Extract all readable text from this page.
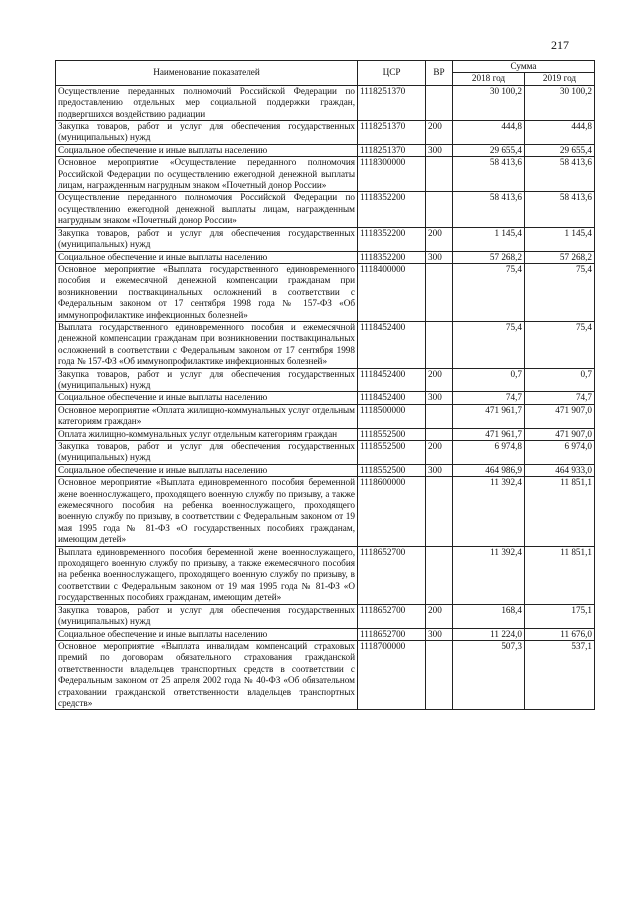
217
Наименование показателей	ЦСР	ВР	Сумма	
			2018 год	2019 год
Осуществление переданных полномочий Российской Федерации по предоставлению отдельных мер социальной поддержки граждан, подвергшихся воздействию радиации	1118251370		30 100,2	30 100,2
Закупка товаров, работ и услуг для обеспечения государственных (муниципальных) нужд	1118251370	200	444,8	444,8
Социальное обеспечение и иные выплаты населению	1118251370	300	29 655,4	29 655,4
Основное мероприятие «Осуществление переданного полномочия Российской Федерации по осуществлению ежегодной денежной выплаты лицам, награжденным нагрудным знаком «Почетный донор России»	1118300000		58 413,6	58 413,6
Осуществление переданного полномочия Российской Федерации по осуществлению ежегодной денежной выплаты лицам, награжденным нагрудным знаком «Почетный донор России»	1118352200		58 413,6	58 413,6
Закупка товаров, работ и услуг для обеспечения государственных (муниципальных) нужд	1118352200	200	1 145,4	1 145,4
Социальное обеспечение и иные выплаты населению	1118352200	300	57 268,2	57 268,2
Основное мероприятие «Выплата государственного единовременного пособия и ежемесячной денежной компенсации гражданам при возникновении поствакцинальных осложнений в соответствии с Федеральным законом от 17 сентября 1998 года № 157-ФЗ «Об иммунопрофилактике инфекционных болезней»	1118400000		75,4	75,4
Выплата государственного единовременного пособия и ежемесячной денежной компенсации гражданам при возникновении поствакцинальных осложнений в соответствии с Федеральным законом от 17 сентября 1998 года № 157-ФЗ «Об иммунопрофилактике инфекционных болезней»	1118452400		75,4	75,4
Закупка товаров, работ и услуг для обеспечения государственных (муниципальных) нужд	1118452400	200	0,7	0,7
Социальное обеспечение и иные выплаты населению	1118452400	300	74,7	74,7
Основное мероприятие «Оплата жилищно-коммунальных услуг отдельным категориям граждан»	1118500000		471 961,7	471 907,0
Оплата жилищно-коммунальных услуг отдельным категориям граждан	1118552500		471 961,7	471 907,0
Закупка товаров, работ и услуг для обеспечения государственных (муниципальных) нужд	1118552500	200	6 974,8	6 974,0
Социальное обеспечение и иные выплаты населению	1118552500	300	464 986,9	464 933,0
Основное мероприятие «Выплата единовременного пособия беременной жене военнослужащего, проходящего военную службу по призыву, а также ежемесячного пособия на ребенка военнослужащего, проходящего военную службу по призыву, в соответствии с Федеральным законом от 19 мая 1995 года № 81-ФЗ «О государственных пособиях гражданам, имеющим детей»	1118600000		11 392,4	11 851,1
Выплата единовременного пособия беременной жене военнослужащего, проходящего военную службу по призыву, а также ежемесячного пособия на ребенка военнослужащего, проходящего военную службу по призыву, в соответствии с Федеральным законом от 19 мая 1995 года № 81-ФЗ «О государственных пособиях гражданам, имеющим детей»	1118652700		11 392,4	11 851,1
Закупка товаров, работ и услуг для обеспечения государственных (муниципальных) нужд	1118652700	200	168,4	175,1
Социальное обеспечение и иные выплаты населению	1118652700	300	11 224,0	11 676,0
Основное мероприятие «Выплата инвалидам компенсаций страховых премий по договорам обязательного страхования гражданской ответственности владельцев транспортных средств в соответствии с Федеральным законом от 25 апреля 2002 года № 40-ФЗ «Об обязательном страховании гражданской ответственности владельцев транспортных средств»	1118700000		507,3	537,1
